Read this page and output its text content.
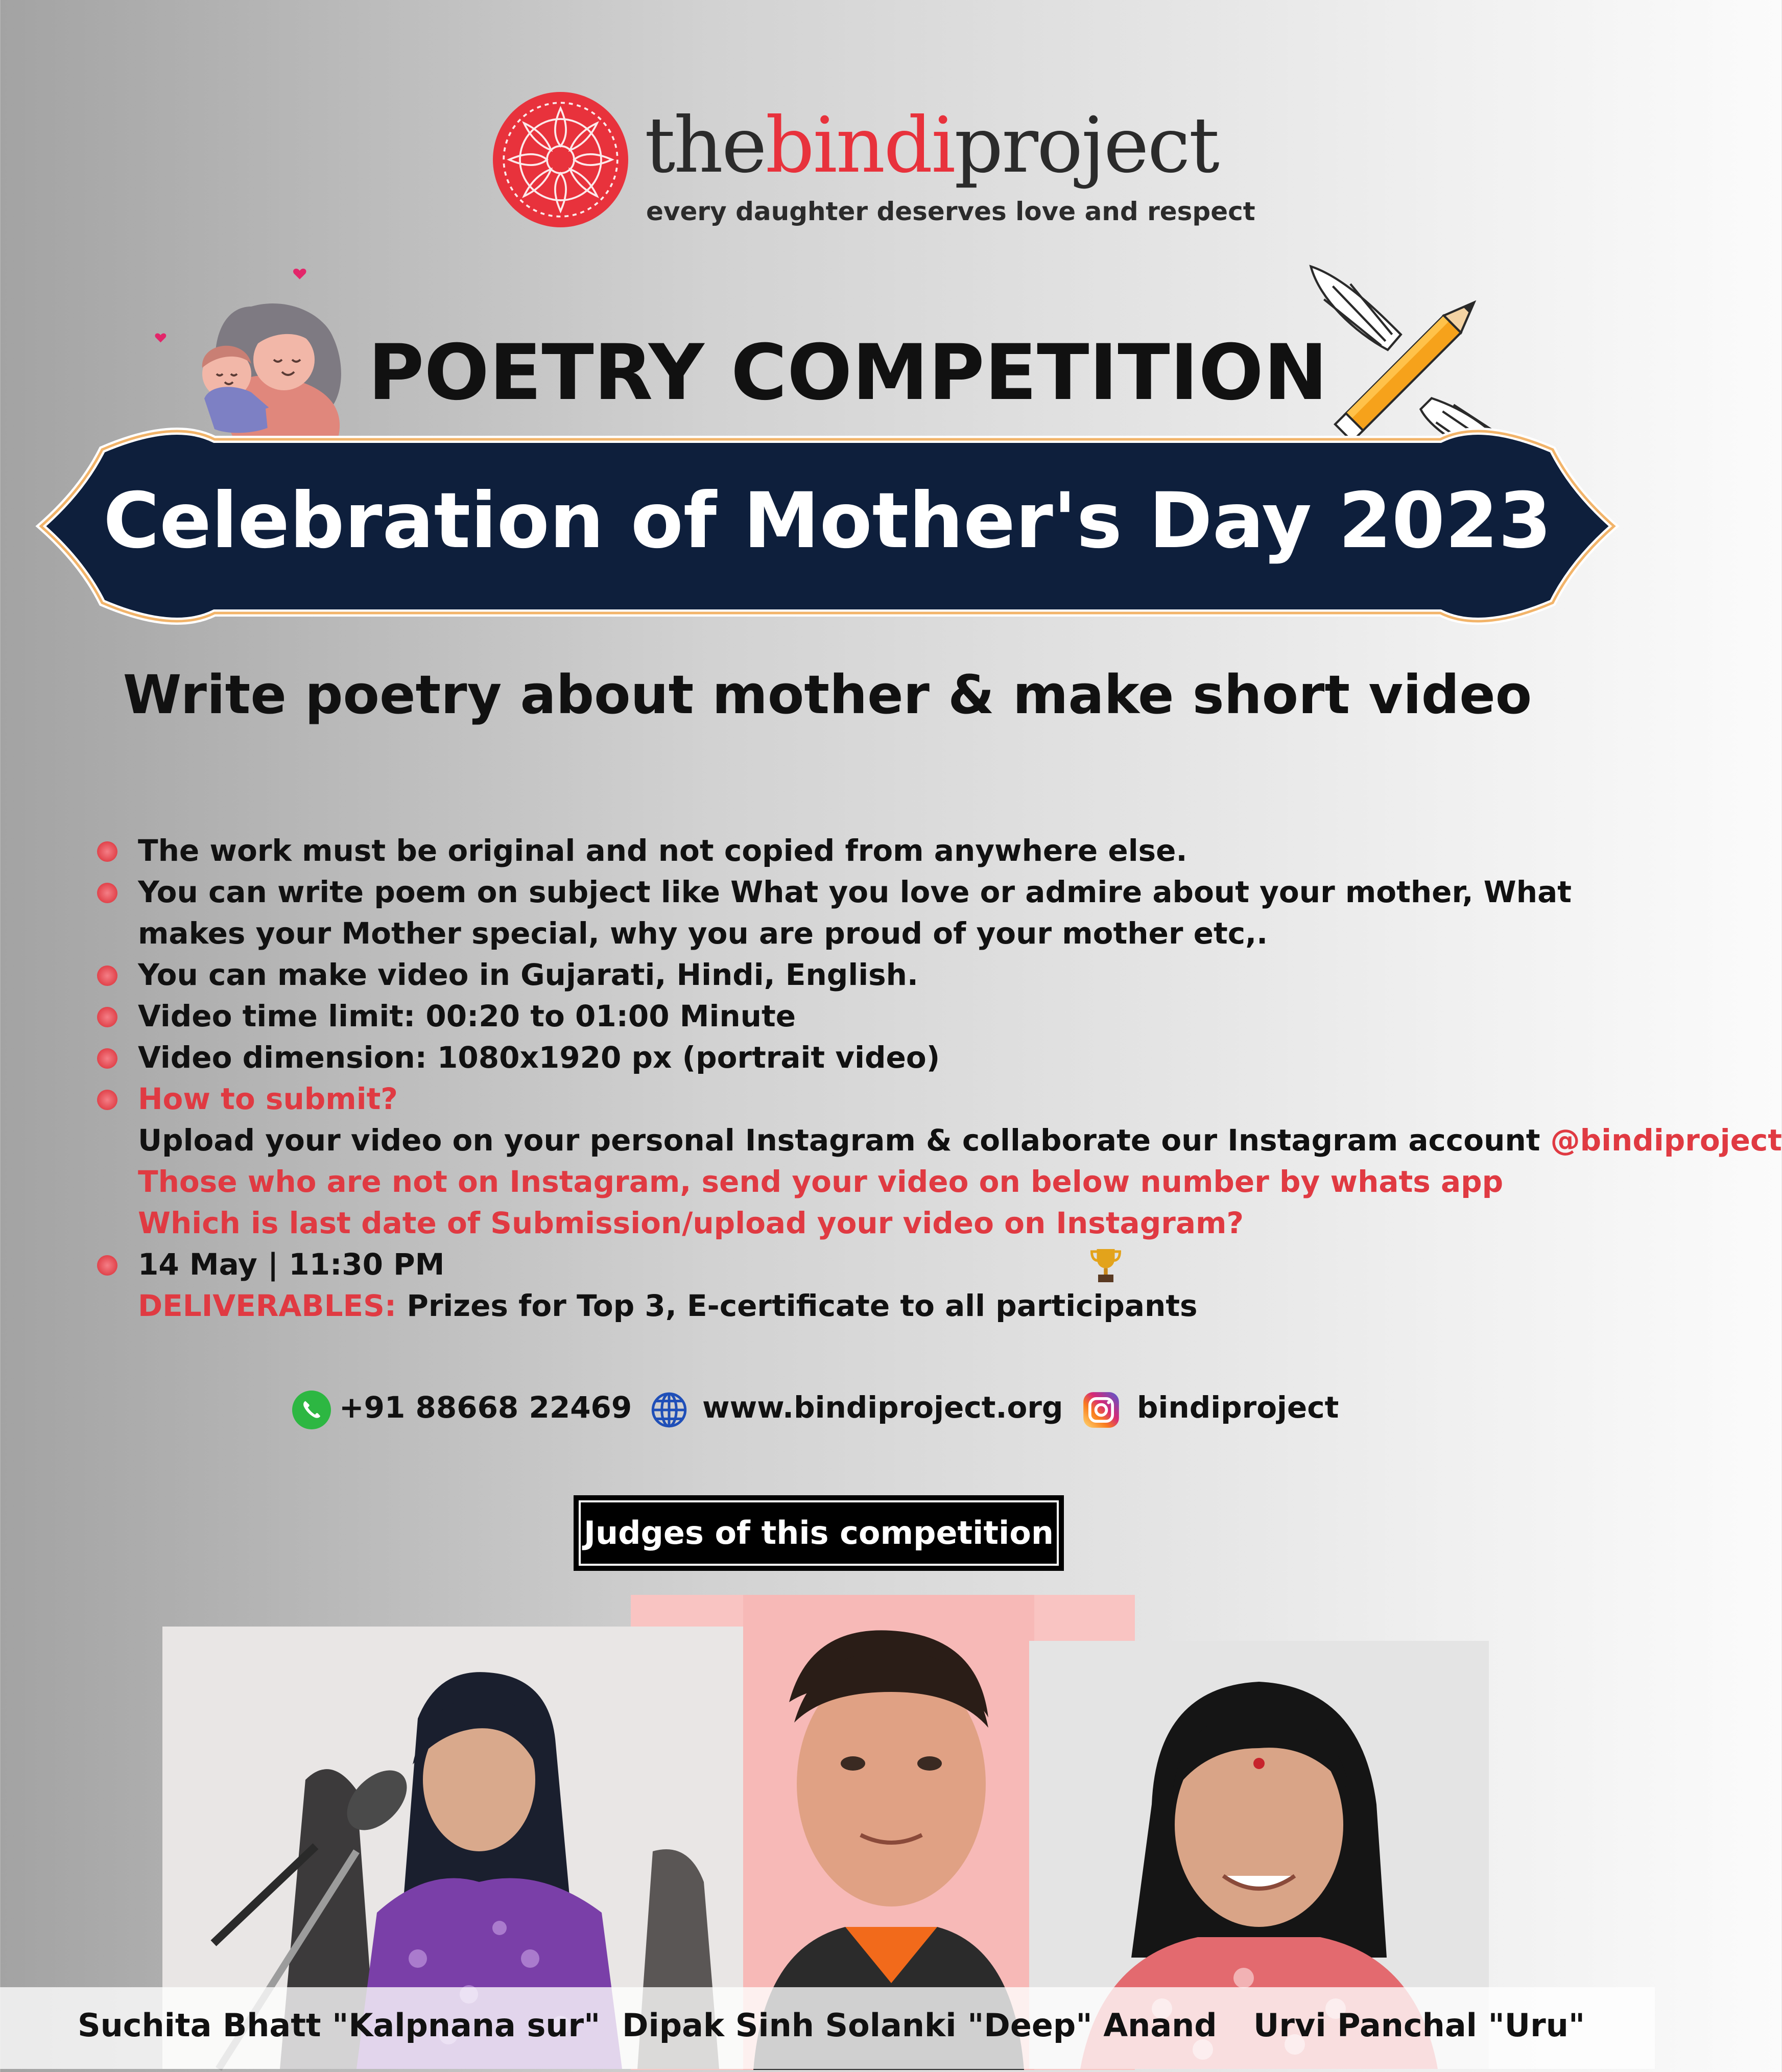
thebindiproject
every daughter deserves love and respect
POETRY COMPETITION
Celebration of Mother's Day 2023
Write poetry about mother & make short video
The work must be original and not copied from anywhere else.
You can write poem on subject like What you love or admire about your mother, What makes your Mother special, why you are proud of your mother etc,.
You can make video in Gujarati, Hindi, English.
Video time limit: 00:20 to 01:00 Minute
Video dimension: 1080x1920 px (portrait video)
How to submit?
Upload your video on your personal Instagram & collaborate our Instagram account @bindiproject
Those who are not on Instagram, send your video on below number by whats app
Which is last date of Submission/upload your video on Instagram?
14 May | 11:30 PM
DELIVERABLES: Prizes for Top 3, E-certificate to all participants
+91 88668 22469 www.bindiproject.org bindiproject
Judges of this competition
Suchita Bhatt "Kalpnana sur" Dipak Sinh Solanki "Deep" Anand Urvi Panchal "Uru"
